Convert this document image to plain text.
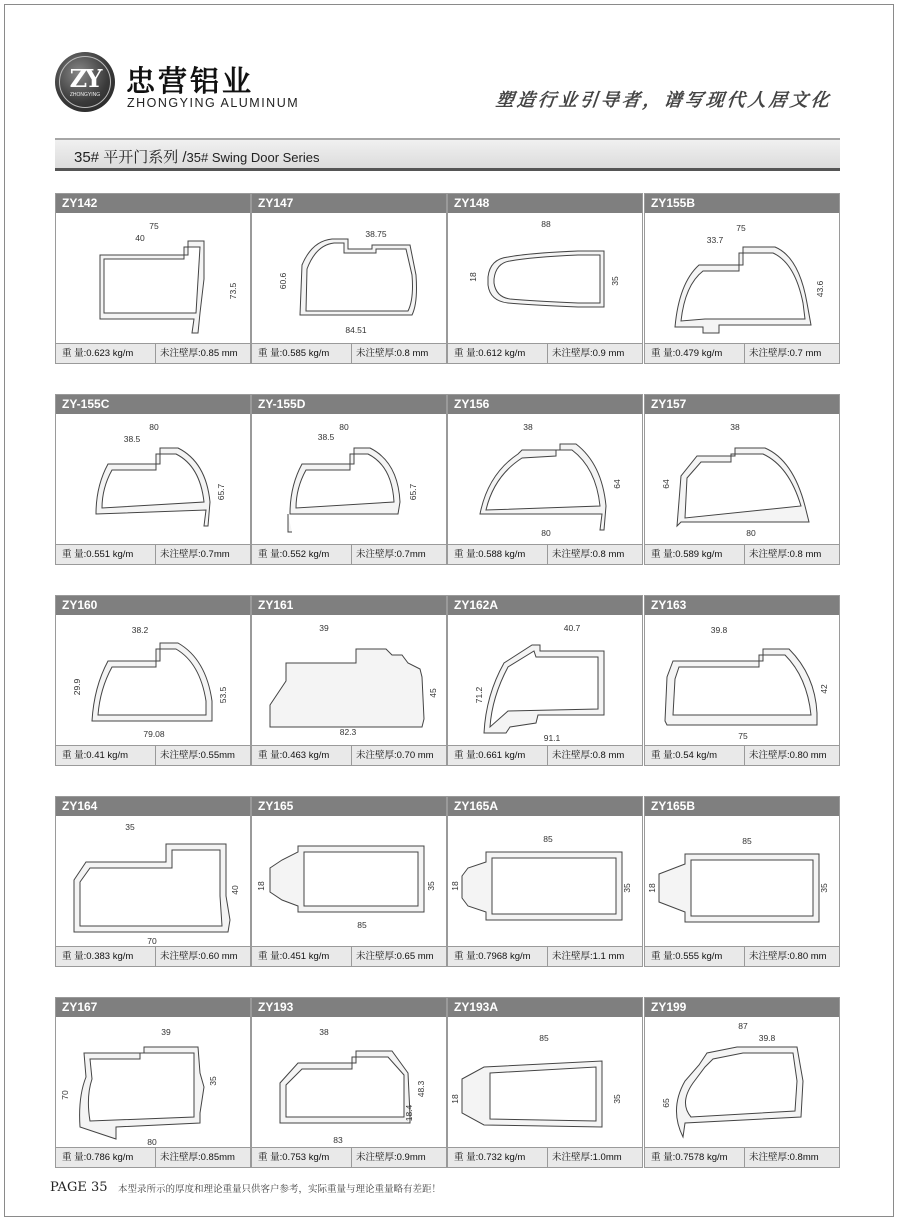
ZY
ZHONGYING 忠营铝业
ZHONGYING ALUMINUM	塑造行业引导者，谱写现代人居文化
35# 平开门系列 /35# Swing Door Series
ZY142
75
40
73.5
重 量:0.623 kg/m	未注壁厚:0.85 mm
ZY147
38.75
60.6
84.51
重 量:0.585 kg/m	未注壁厚:0.8 mm
ZY148
88
18	35
重 量:0.612 kg/m	未注壁厚:0.9 mm
ZY155B
75
33.7
43.6
重 量:0.479 kg/m	未注壁厚:0.7 mm
ZY-155C
80
38.5
65.7
重 量:0.551 kg/m	未注壁厚:0.7mm
ZY-155D
80
38.5
65.7
重 量:0.552 kg/m	未注壁厚:0.7mm
ZY156
38
64
80
重 量:0.588 kg/m	未注壁厚:0.8 mm
ZY157
38
64
80
重 量:0.589 kg/m	未注壁厚:0.8 mm
ZY160
38.2
29.9	53.5
79.08
重 量:0.41 kg/m	未注壁厚:0.55mm
ZY161
39
45
82.3
重 量:0.463 kg/m	未注壁厚:0.70 mm
ZY162A
40.7
71.2
91.1
重 量:0.661 kg/m	未注壁厚:0.8 mm
ZY163
39.8
42
75
重 量:0.54 kg/m	未注壁厚:0.80 mm
ZY164
35
40
70
重 量:0.383 kg/m	未注壁厚:0.60 mm
ZY165
18	35
85
重 量:0.451 kg/m	未注壁厚:0.65 mm
ZY165A
85
18	35
重 量:0.7968 kg/m	未注壁厚:1.1 mm
ZY165B
85
18	35
重 量:0.555 kg/m	未注壁厚:0.80 mm
ZY167
39
70
35
80
重 量:0.786 kg/m	未注壁厚:0.85mm
ZY193
38
48.3
18.4
83
重 量:0.753 kg/m	未注壁厚:0.9mm
ZY193A
85
18	35
重 量:0.732 kg/m	未注壁厚:1.0mm
ZY199
87
39.8
65
重 量:0.7578 kg/m	未注壁厚:0.8mm
PAGE 35 本型录所示的厚度和理论重量只供客户参考，实际重量与理论重量略有差距！
